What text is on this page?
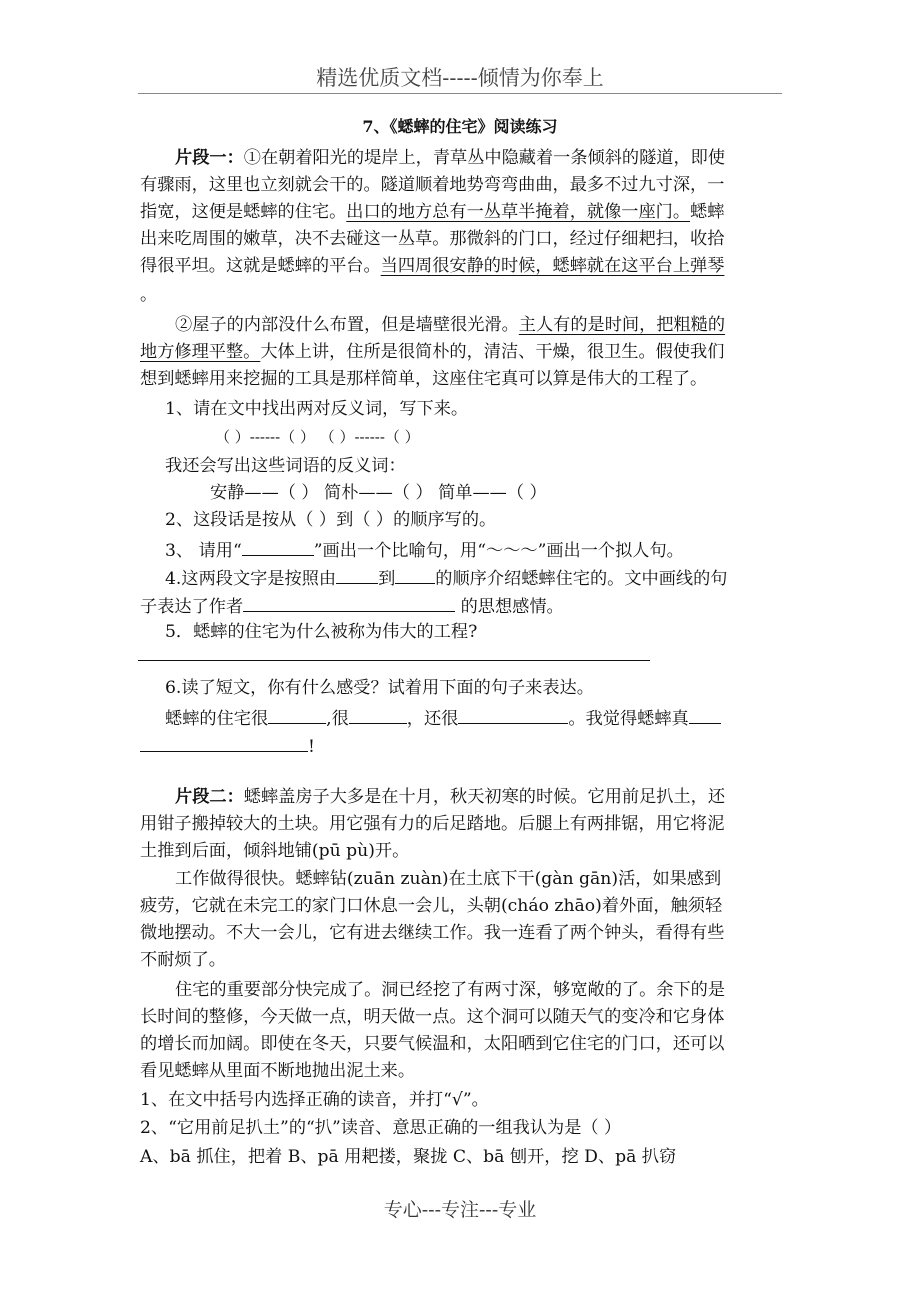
精选优质文档-----倾情为你奉上
7、《蟋蟀的住宅》阅读练习
片段一：①在朝着阳光的堤岸上，青草丛中隐藏着一条倾斜的隧道，即使
有骤雨，这里也立刻就会干的。隧道顺着地势弯弯曲曲，最多不过九寸深，一
指宽，这便是蟋蟀的住宅。出口的地方总有一丛草半掩着，就像一座门。蟋蟀
出来吃周围的嫩草，决不去碰这一丛草。那微斜的门口，经过仔细耙扫，收拾
得很平坦。这就是蟋蟀的平台。当四周很安静的时候，蟋蟀就在这平台上弹琴
。
②屋子的内部没什么布置，但是墙壁很光滑。主人有的是时间，把粗糙的
地方修理平整。大体上讲，住所是很简朴的，清洁、干燥，很卫生。假使我们
想到蟋蟀用来挖掘的工具是那样简单，这座住宅真可以算是伟大的工程了。
1、请在文中找出两对反义词，写下来。
（ ）------（ ） （ ）------（ ）
我还会写出这些词语的反义词：
安静——（ ） 简朴——（ ） 简单——（ ）
2、这段话是按从（ ）到（ ）的顺序写的。
3、 请用“	”画出一个比喻句，用“～～～”画出一个拟人句。
4.这两段文字是按照由 到 的顺序介绍蟋蟀住宅的。文中画线的句
子表达了作者	的思想感情。
5．蟋蟀的住宅为什么被称为伟大的工程?
6.读了短文，你有什么感受？试着用下面的句子来表达。
蟋蟀的住宅很	,很	，还很	。我觉得蟋蟀真
!
片段二：蟋蟀盖房子大多是在十月，秋天初寒的时候。它用前足扒土，还
用钳子搬掉较大的土块。用它强有力的后足踏地。后腿上有两排锯，用它将泥
土推到后面，倾斜地铺(pū pù)开。
工作做得很快。蟋蟀钻(zuān zuàn)在土底下干(gàn gān)活，如果感到
疲劳，它就在未完工的家门口休息一会儿，头朝(cháo zhāo)着外面，触须轻
微地摆动。不大一会儿，它有进去继续工作。我一连看了两个钟头，看得有些
不耐烦了。
住宅的重要部分快完成了。洞已经挖了有两寸深，够宽敞的了。余下的是
长时间的整修，今天做一点，明天做一点。这个洞可以随天气的变冷和它身体
的增长而加阔。即使在冬天，只要气候温和，太阳晒到它住宅的门口，还可以
看见蟋蟀从里面不断地抛出泥土来。
1、在文中括号内选择正确的读音，并打“√”。
2、“它用前足扒土”的“扒”读音、意思正确的一组我认为是（ ）
A、bā 抓住，把着 B、pā 用耙搂，聚拢 C、bā 刨开，挖 D、pā 扒窃
专心---专注---专业
